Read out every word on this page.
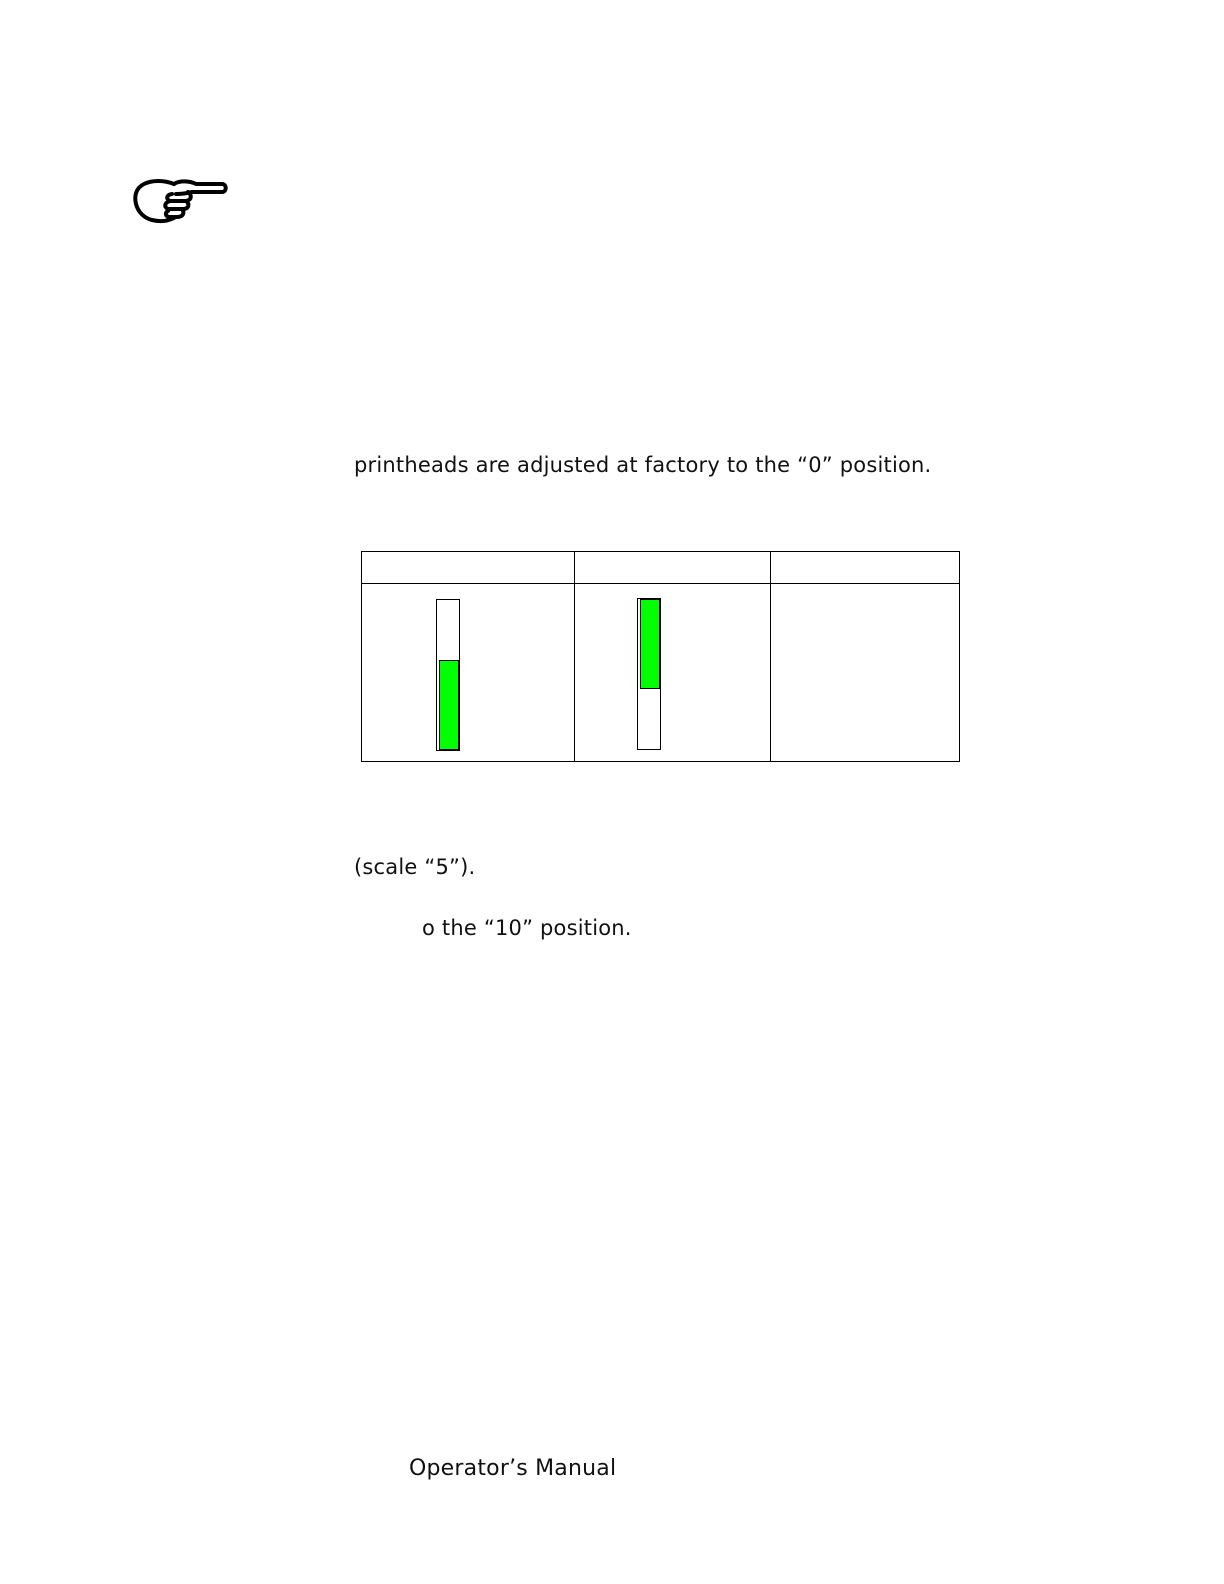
printheads are adjusted at factory to the “0” position.

(scale “5”).
o the “10” position.
Operator’s Manual
